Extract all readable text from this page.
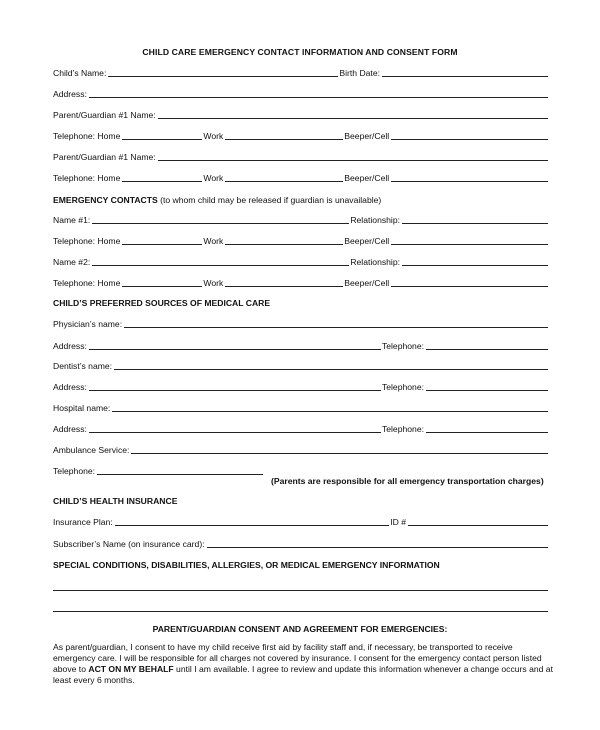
CHILD CARE EMERGENCY CONTACT INFORMATION AND CONSENT FORM
Child’s Name:	Birth Date:
Address:
Parent/Guardian #1 Name:
Telephone: Home	Work	Beeper/Cell
Parent/Guardian #1 Name:
Telephone: Home	Work	Beeper/Cell
EMERGENCY CONTACTS (to whom child may be released if guardian is unavailable)
Name #1:	Relationship:
Telephone: Home	Work	Beeper/Cell
Name #2:	Relationship:
Telephone: Home	Work	Beeper/Cell
CHILD’S PREFERRED SOURCES OF MEDICAL CARE
Physician’s name:
Address:	Telephone:
Dentist’s name:
Address:	Telephone:
Hospital name:
Address:	Telephone:
Ambulance Service:
Telephone:
(Parents are responsible for all emergency transportation charges)
CHILD’S HEALTH INSURANCE
Insurance Plan:	ID #
Subscriber’s Name (on insurance card):
SPECIAL CONDITIONS, DISABILITIES, ALLERGIES, OR MEDICAL EMERGENCY INFORMATION
PARENT/GUARDIAN CONSENT AND AGREEMENT FOR EMERGENCIES:
As parent/guardian, I consent to have my child receive first aid by facility staff and, if necessary, be transported to receive emergency care. I will be responsible for all charges not covered by insurance. I consent for the emergency contact person listed above to ACT ON MY BEHALF until I am available. I agree to review and update this information whenever a change occurs and at least every 6 months.
